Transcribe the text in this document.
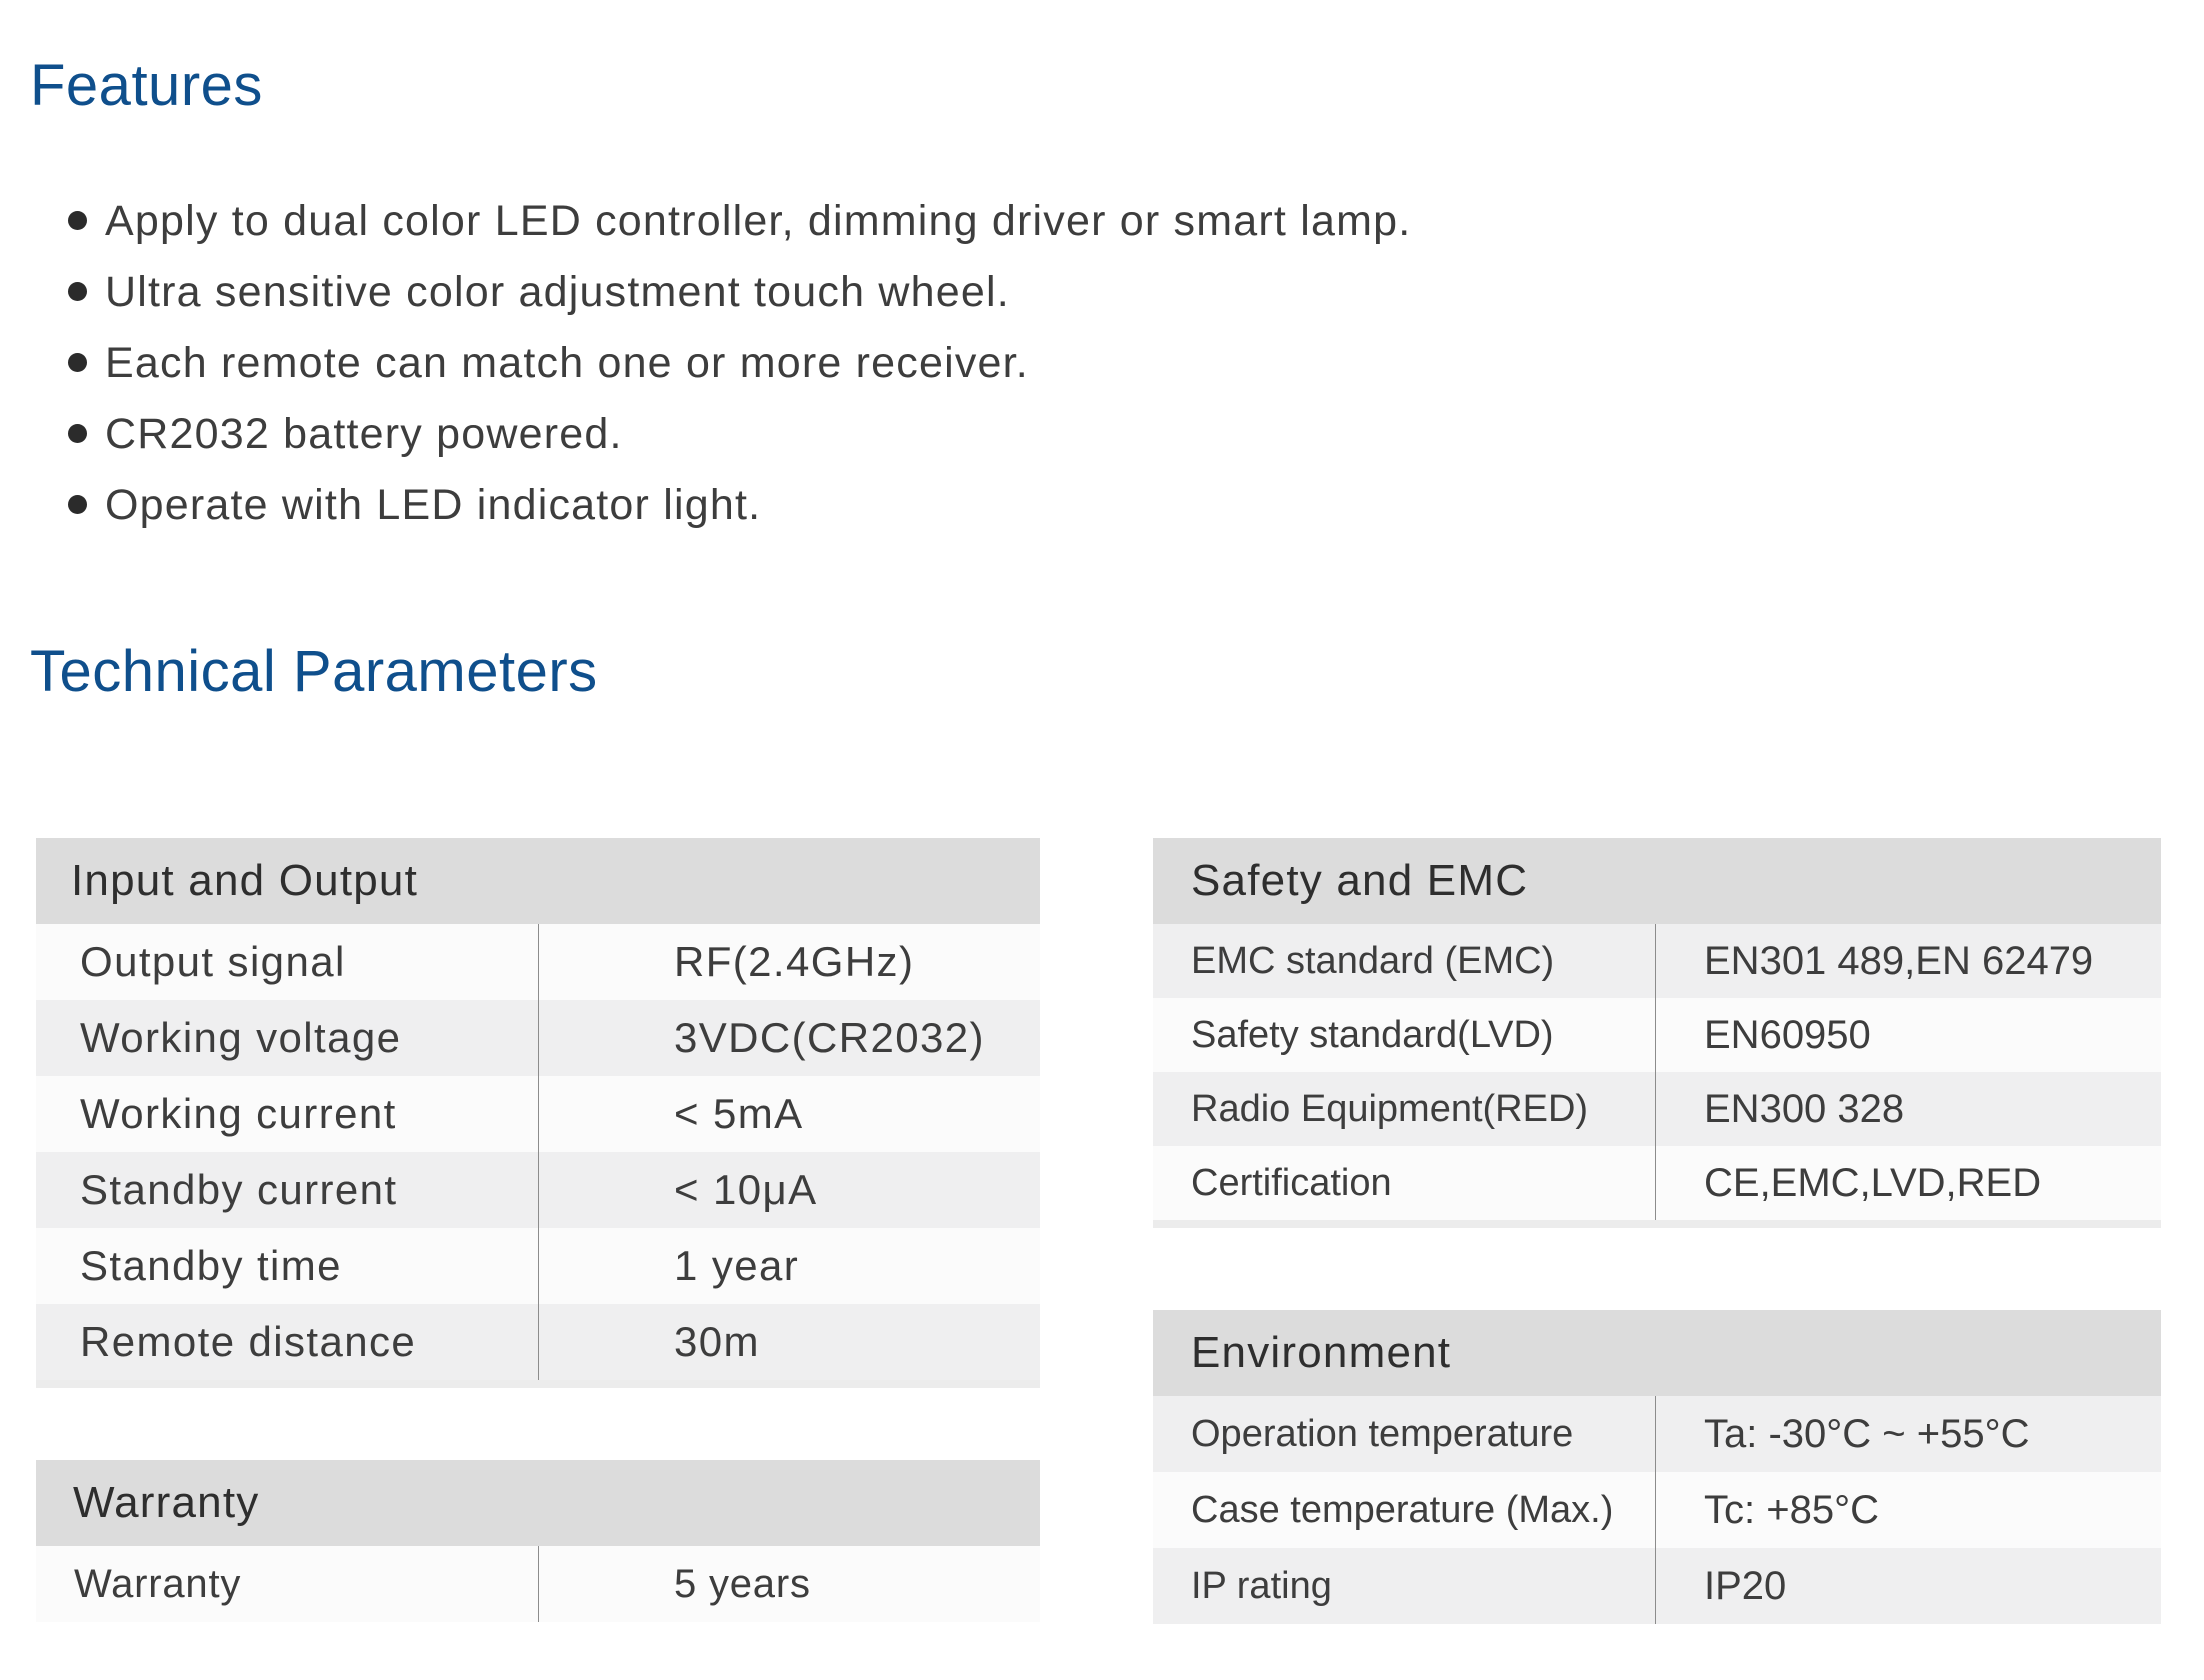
Features
Apply to dual color LED controller, dimming driver or smart lamp.
Ultra sensitive color adjustment touch wheel.
Each remote can match one or more receiver.
CR2032 battery powered.
Operate with LED indicator light.
Technical Parameters
Input and Output
Output signal	RF(2.4GHz)
Working voltage	3VDC(CR2032)
Working current	< 5mA
Standby current	< 10μA
Standby time	1 year
Remote distance	30m
Warranty
Warranty	5 years
Safety and EMC
EMC standard (EMC)	EN301 489,EN 62479
Safety standard(LVD)	EN60950
Radio Equipment(RED)	EN300 328
Certification	CE,EMC,LVD,RED
Environment
Operation temperature	Ta: -30°C ~ +55°C
Case temperature (Max.)	Tc: +85°C
IP rating	IP20
